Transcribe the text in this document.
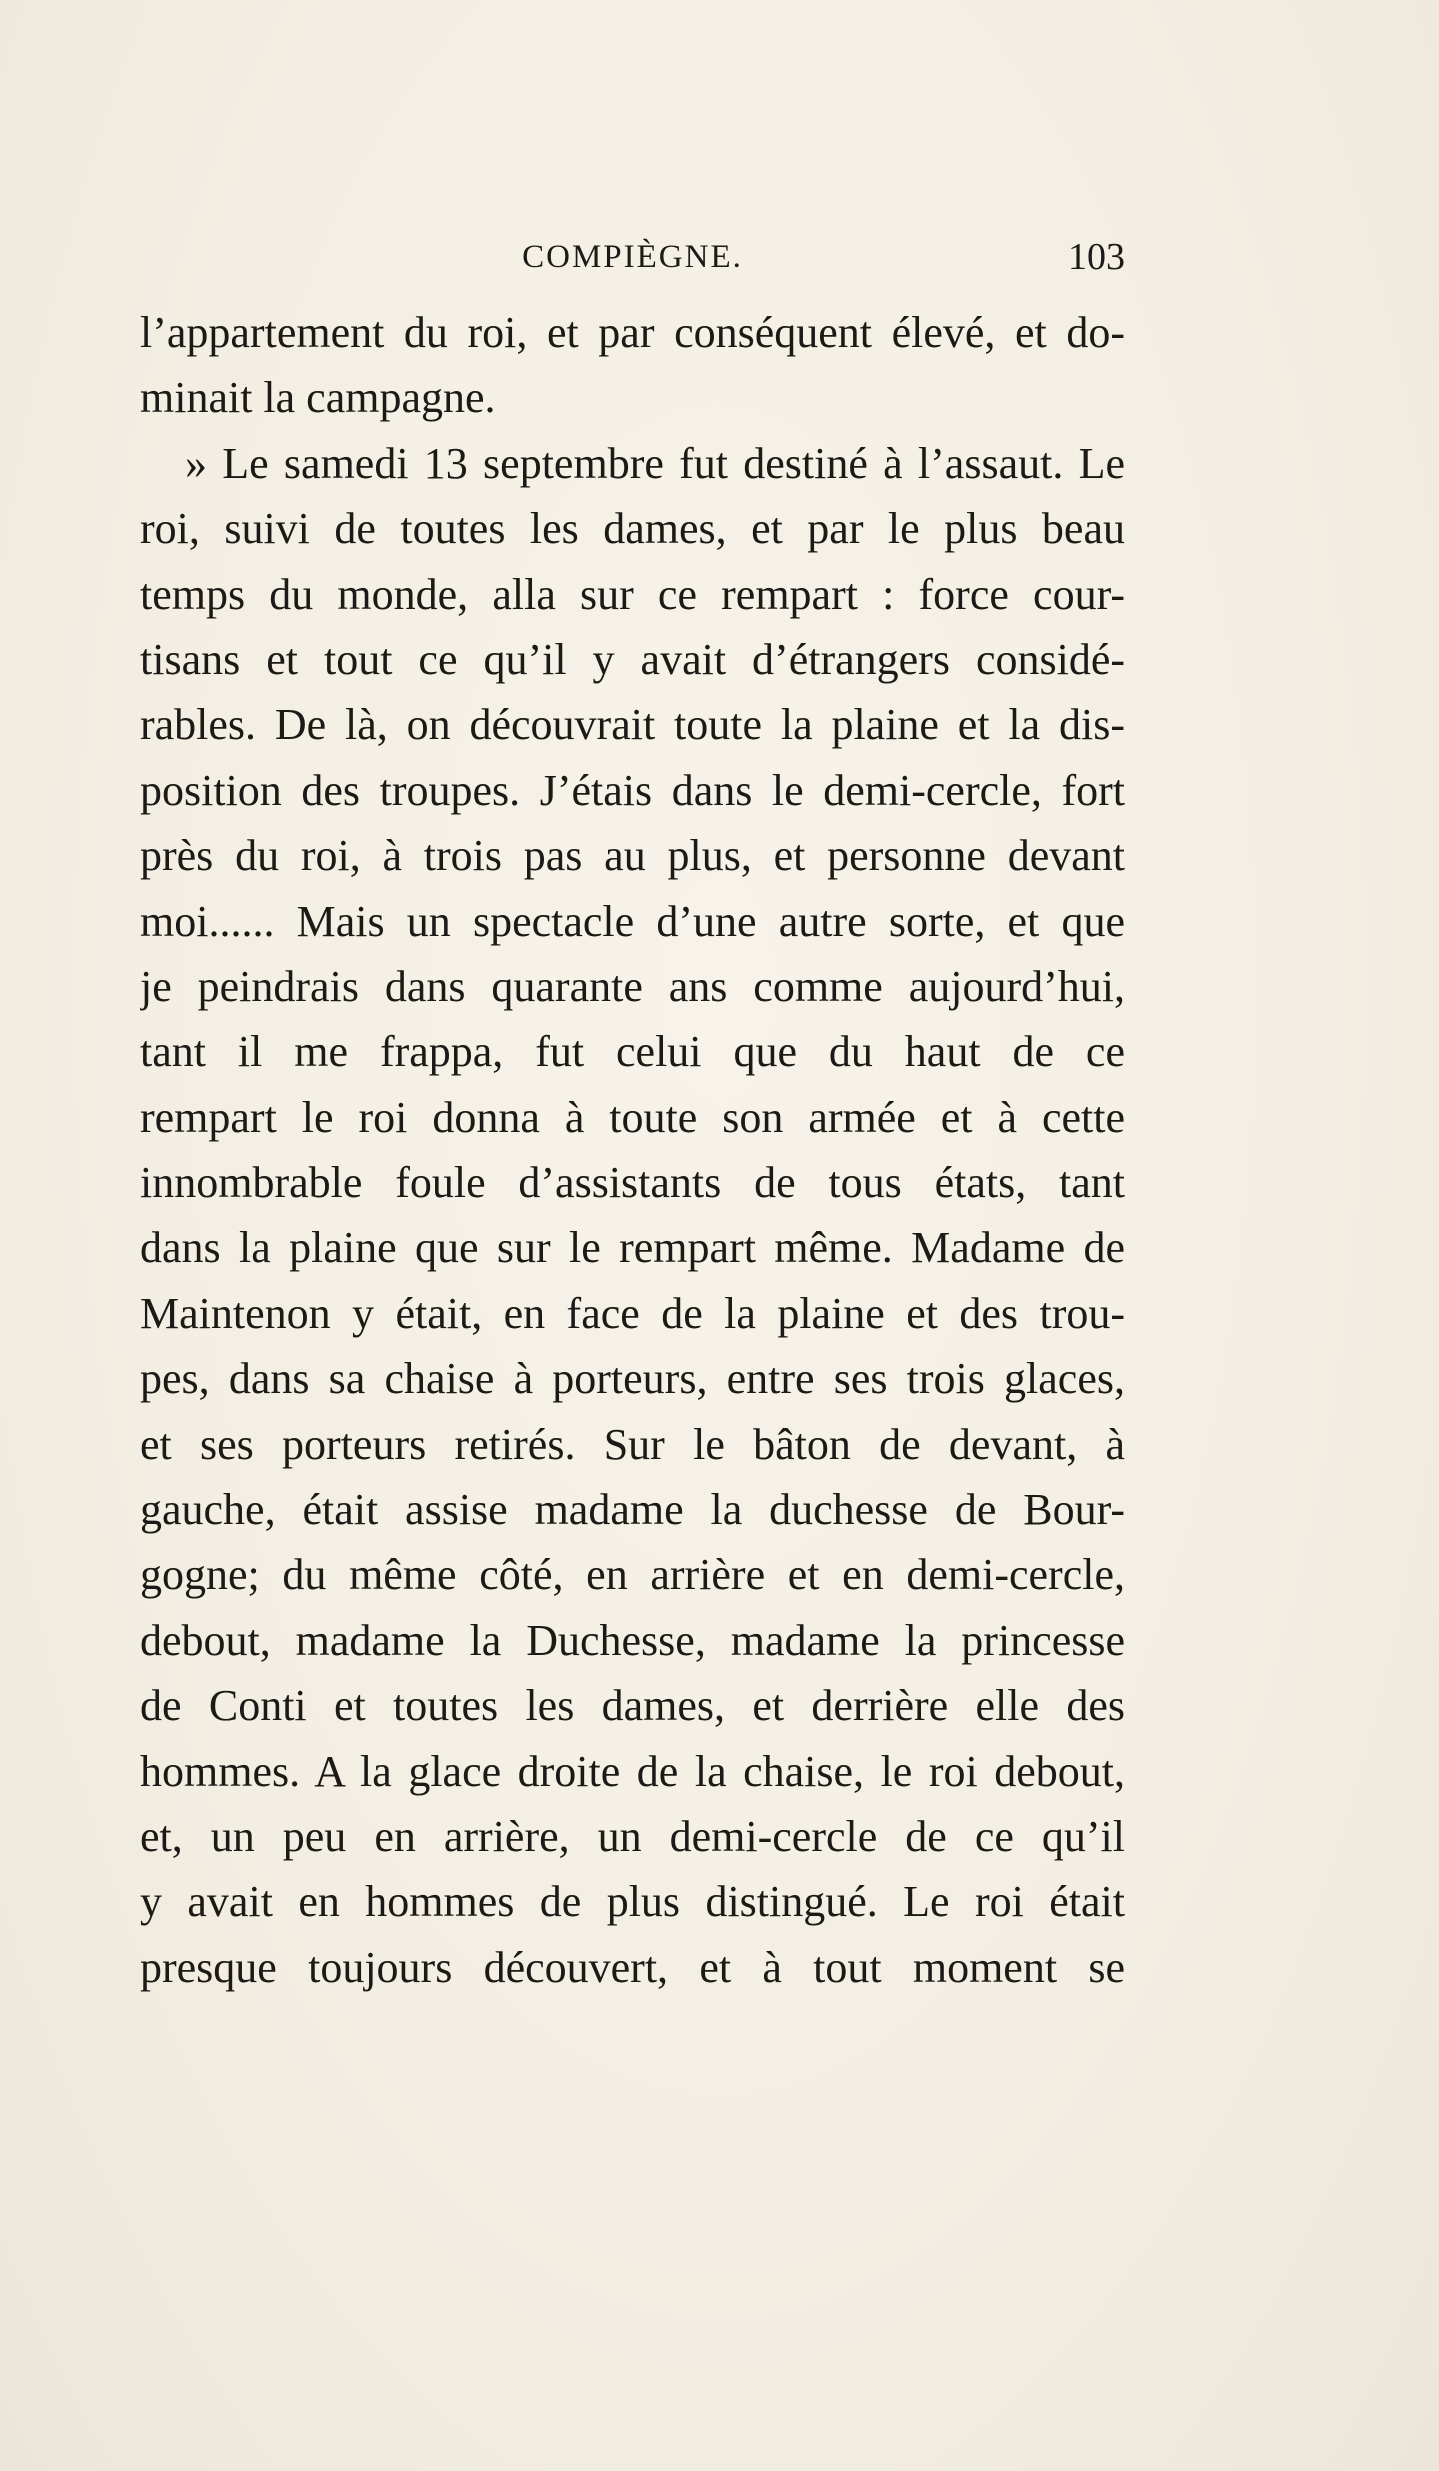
COMPIÈGNE.	103
l’appartement du roi, et par conséquent élevé, et do-
minait la campagne.
» Le samedi 13 septembre fut destiné à l’assaut. Le
roi, suivi de toutes les dames, et par le plus beau
temps du monde, alla sur ce rempart : force cour-
tisans et tout ce qu’il y avait d’étrangers considé-
rables. De là, on découvrait toute la plaine et la dis-
position des troupes. J’étais dans le demi-cercle, fort
près du roi, à trois pas au plus, et personne devant
moi...... Mais un spectacle d’une autre sorte, et que
je peindrais dans quarante ans comme aujourd’hui,
tant il me frappa, fut celui que du haut de ce
rempart le roi donna à toute son armée et à cette
innombrable foule d’assistants de tous états, tant
dans la plaine que sur le rempart même. Madame de
Maintenon y était, en face de la plaine et des trou-
pes, dans sa chaise à porteurs, entre ses trois glaces,
et ses porteurs retirés. Sur le bâton de devant, à
gauche, était assise madame la duchesse de Bour-
gogne; du même côté, en arrière et en demi-cercle,
debout, madame la Duchesse, madame la princesse
de Conti et toutes les dames, et derrière elle des
hommes. A la glace droite de la chaise, le roi debout,
et, un peu en arrière, un demi-cercle de ce qu’il
y avait en hommes de plus distingué. Le roi était
presque toujours découvert, et à tout moment se
